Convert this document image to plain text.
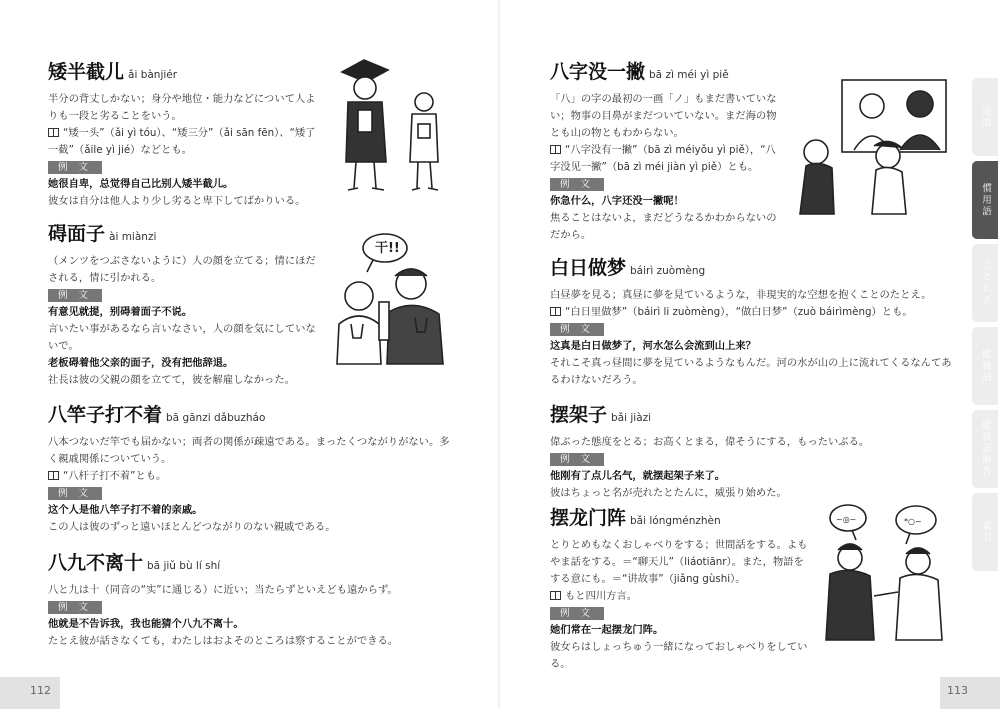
矮半截儿 ǎi bànjiér

半分の背丈しかない；身分や地位・能力などについて人よりも一段と劣ることをいう。

“矮一头”（ǎi yì tóu）、“矮三分”（ǎi sān fēn）、“矮了一截”（ǎile yì jié）などとも。

例 文
她很自卑，总觉得自己比别人矮半截儿。
彼女は自分は他人より少し劣ると卑下してばかりいる。
碍面子 ài miànzi

（メンツをつぶさないように）人の顔を立てる；情にほだされる，情に引かれる。

例 文
有意见就提，别碍着面子不说。
言いたい事があるなら言いなさい，人の顔を気にしていないで。
老板碍着他父亲的面子，没有把他辞退。
社長は彼の父親の顔を立てて，彼を解雇しなかった。
干!!
八竿子打不着 bā gānzi dǎbuzháo

八本つないだ竿でも届かない；両者の関係が疎遠である。まったくつながりがない。多く親戚関係についていう。

“八杆子打不着”とも。

例 文
这个人是他八竿子打不着的亲戚。
この人は彼のずっと遠いほとんどつながりのない親戚である。
八九不离十 bā jiǔ bù lí shí

八と九は十（同音の“实”に通じる）に近い；当たらずといえども遠からず。

例 文
他就是不告诉我，我也能猜个八九不离十。
たとえ彼が話さなくても，わたしはおよそのところは察することができる。
112
八字没一撇 bā zì méi yì piě

「八」の字の最初の一画「ノ」もまだ書いていない；物事の目鼻がまだついていない。まだ海の物とも山の物ともわからない。

“八字没有一撇”（bā zì méiyǒu yì piě），“八字没见一撇”（bā zì méi jiàn yì piě）とも。

例 文
你急什么，八字还没一撇呢！
焦ることはないよ，まだどうなるかわからないのだから。
白日做梦 báirì zuòmèng

白昼夢を見る；真昼に夢を見ているような，非現実的な空想を抱くことのたとえ。

“白日里做梦”（báirì li zuòmèng），“做白日梦”（zuò báirìmèng）とも。

例 文
这真是白日做梦了，河水怎么会流到山上来？
それこそ真っ昼間に夢を見ているようなもんだ。河の水が山の上に流れてくるなんてあるわけないだろう。
摆架子 bǎi jiàzi

偉ぶった態度をとる；お高くとまる，偉そうにする，もったいぶる。

例 文
他刚有了点儿名气，就摆起架子来了。
彼はちょっと名が売れたとたんに，威張り始めた。
摆龙门阵 bǎi lóngménzhèn

とりとめもなくおしゃべりをする；世間話をする。よもやま話をする。＝“聊天儿”（liáotiānr）。また，物語をする意にも。＝“讲故事”（jiǎng gùshi）。

もと四川方言。

例 文
她们常在一起摆龙门阵。
彼女らはしょっちゅう一緒になっておしゃべりをしている。
~◎~	*○~
成語
慣用語
ことわざ
歇後語
歇後語解答
索引
113
